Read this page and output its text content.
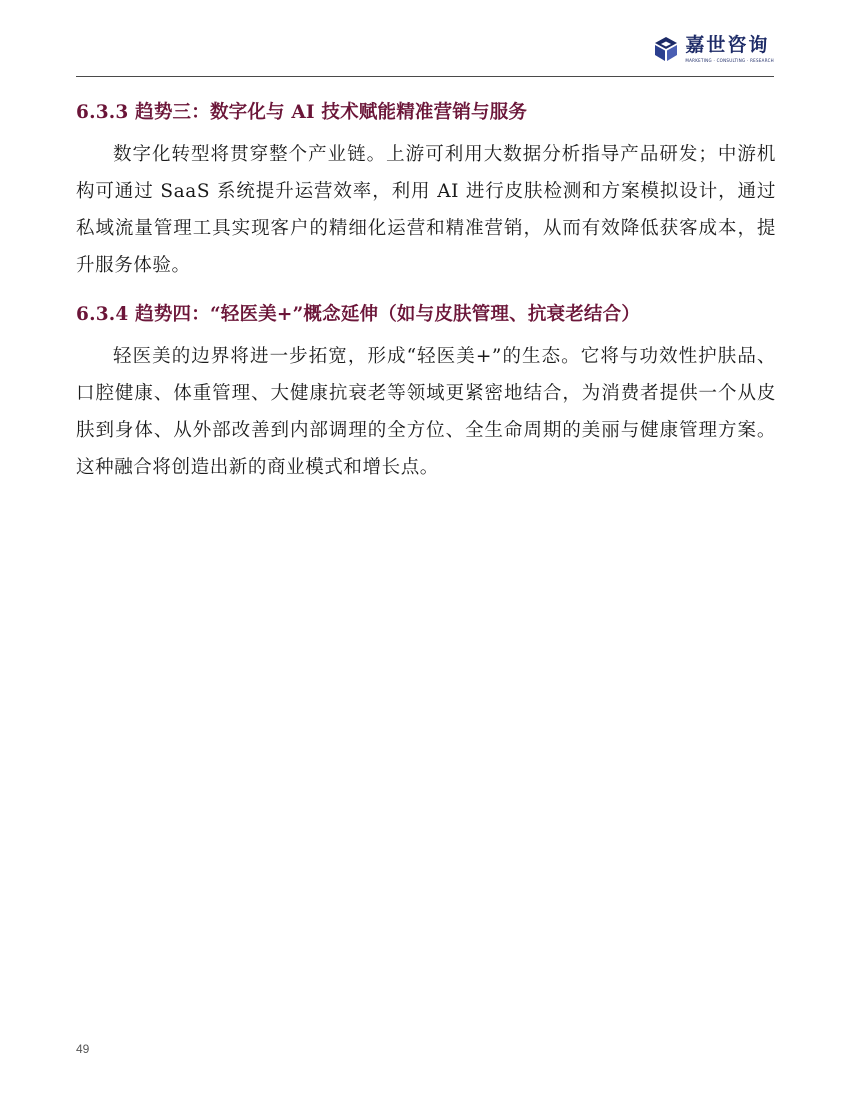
嘉世咨询
MARKETING · CONSULTING · RESEARCH
6.3.3 趋势三：数字化与 AI 技术赋能精准营销与服务

数字化转型将贯穿整个产业链。上游可利用大数据分析指导产品研发；中游机构可通过 SaaS 系统提升运营效率，利用 AI 进行皮肤检测和方案模拟设计，通过私域流量管理工具实现客户的精细化运营和精准营销，从而有效降低获客成本，提升服务体验。

6.3.4 趋势四：“轻医美+”概念延伸（如与皮肤管理、抗衰老结合）

轻医美的边界将进一步拓宽，形成“轻医美+”的生态。它将与功效性护肤品、口腔健康、体重管理、大健康抗衰老等领域更紧密地结合，为消费者提供一个从皮肤到身体、从外部改善到内部调理的全方位、全生命周期的美丽与健康管理方案。这种融合将创造出新的商业模式和增长点。

49
